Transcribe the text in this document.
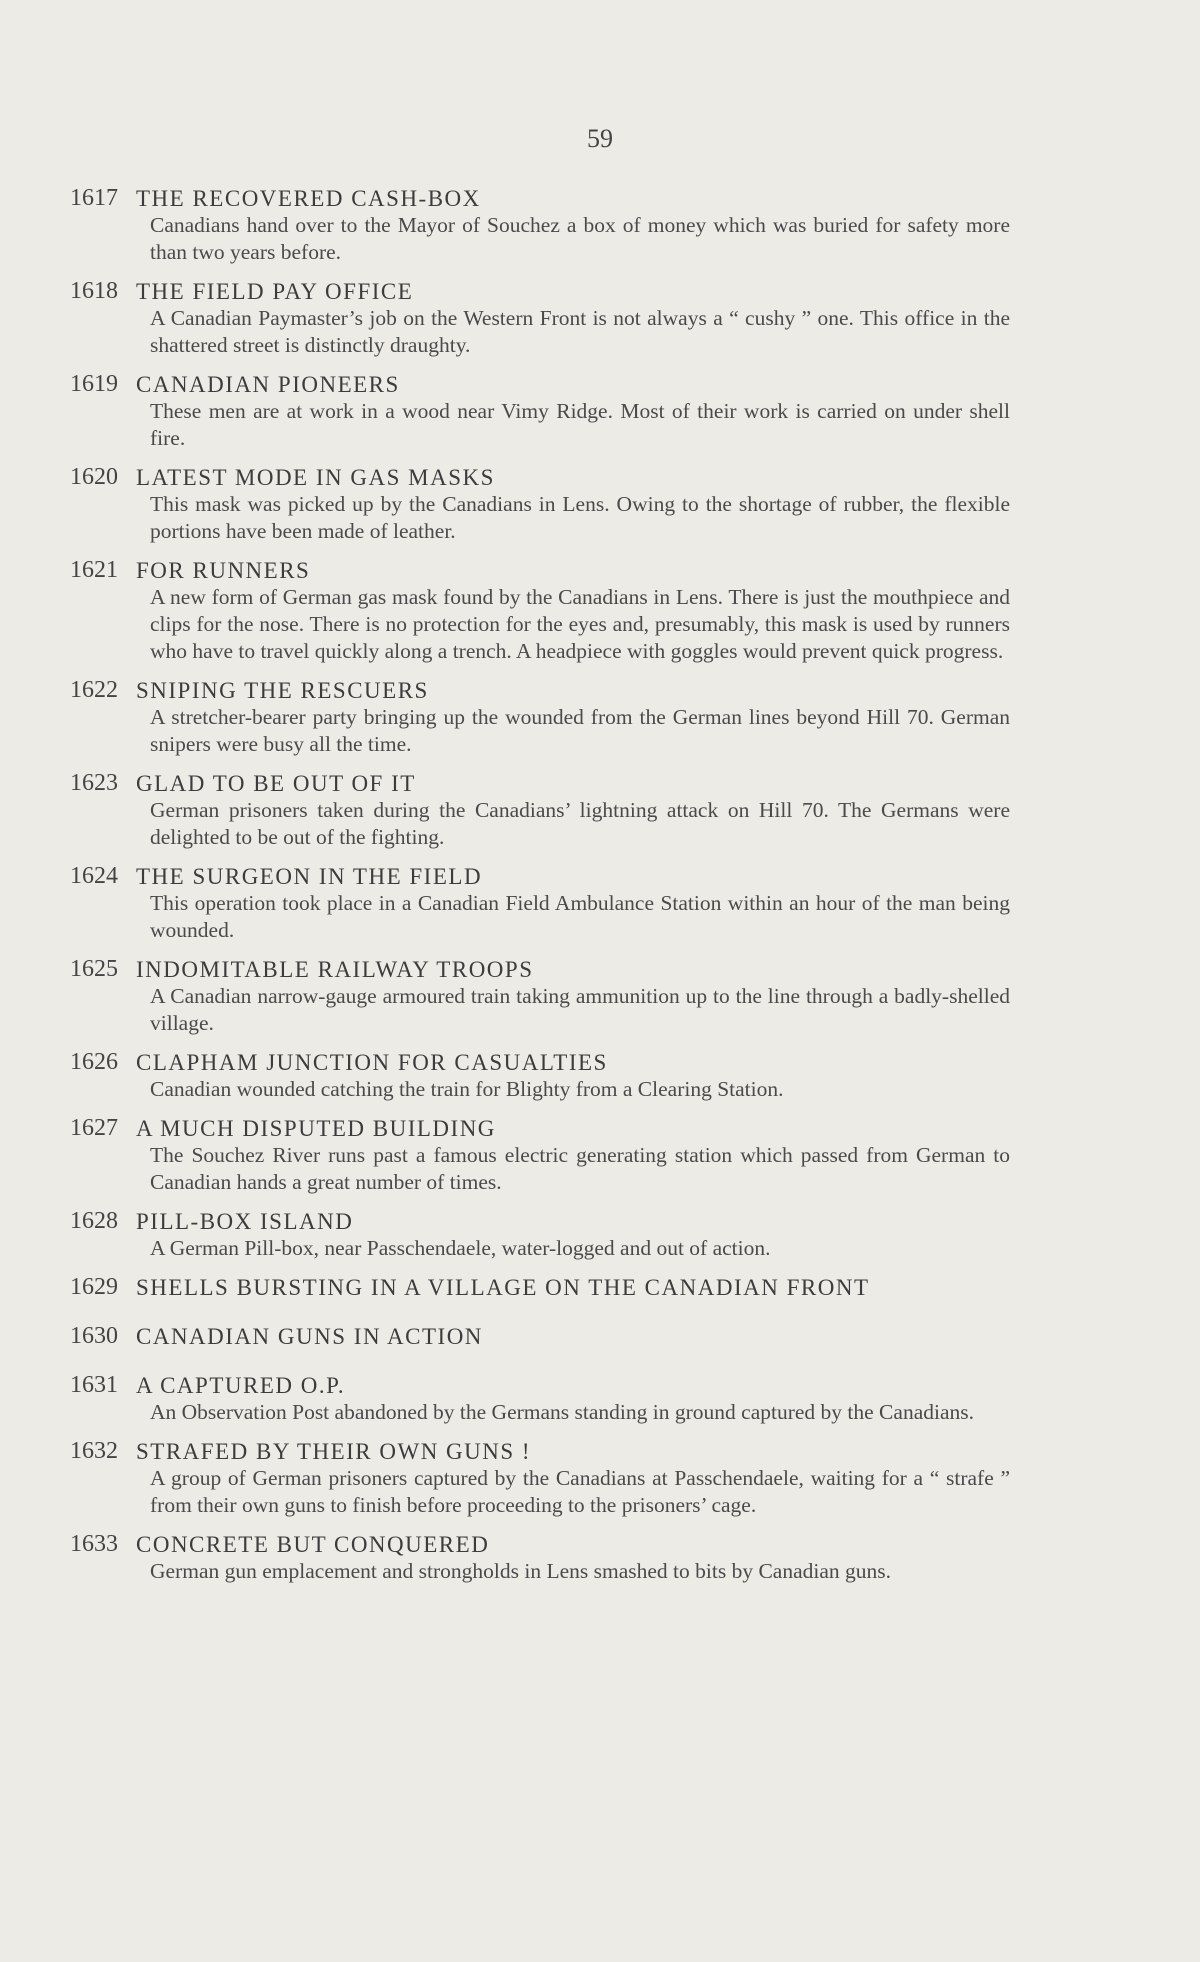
59
1617 THE RECOVERED CASH-BOX
Canadians hand over to the Mayor of Souchez a box of money which was buried for safety more than two years before.
1618 THE FIELD PAY OFFICE
A Canadian Paymaster’s job on the Western Front is not always a “ cushy ” one. This office in the shattered street is distinctly draughty.
1619 CANADIAN PIONEERS
These men are at work in a wood near Vimy Ridge. Most of their work is carried on under shell fire.
1620 LATEST MODE IN GAS MASKS
This mask was picked up by the Canadians in Lens. Owing to the shortage of rubber, the flexible portions have been made of leather.
1621 FOR RUNNERS
A new form of German gas mask found by the Canadians in Lens. There is just the mouthpiece and clips for the nose. There is no protection for the eyes and, presumably, this mask is used by runners who have to travel quickly along a trench. A headpiece with goggles would prevent quick progress.
1622 SNIPING THE RESCUERS
A stretcher-bearer party bringing up the wounded from the German lines beyond Hill 70. German snipers were busy all the time.
1623 GLAD TO BE OUT OF IT
German prisoners taken during the Canadians’ lightning attack on Hill 70. The Germans were delighted to be out of the fighting.
1624 THE SURGEON IN THE FIELD
This operation took place in a Canadian Field Ambulance Station within an hour of the man being wounded.
1625 INDOMITABLE RAILWAY TROOPS
A Canadian narrow-gauge armoured train taking ammunition up to the line through a badly-shelled village.
1626 CLAPHAM JUNCTION FOR CASUALTIES
Canadian wounded catching the train for Blighty from a Clearing Station.
1627 A MUCH DISPUTED BUILDING
The Souchez River runs past a famous electric generating station which passed from German to Canadian hands a great number of times.
1628 PILL-BOX ISLAND
A German Pill-box, near Passchendaele, water-logged and out of action.
1629 SHELLS BURSTING IN A VILLAGE ON THE CANADIAN FRONT
1630 CANADIAN GUNS IN ACTION
1631 A CAPTURED O.P.
An Observation Post abandoned by the Germans standing in ground captured by the Canadians.
1632 STRAFED BY THEIR OWN GUNS !
A group of German prisoners captured by the Canadians at Passchendaele, waiting for a “ strafe ” from their own guns to finish before proceeding to the prisoners’ cage.
1633 CONCRETE BUT CONQUERED
German gun emplacement and strongholds in Lens smashed to bits by Canadian guns.
